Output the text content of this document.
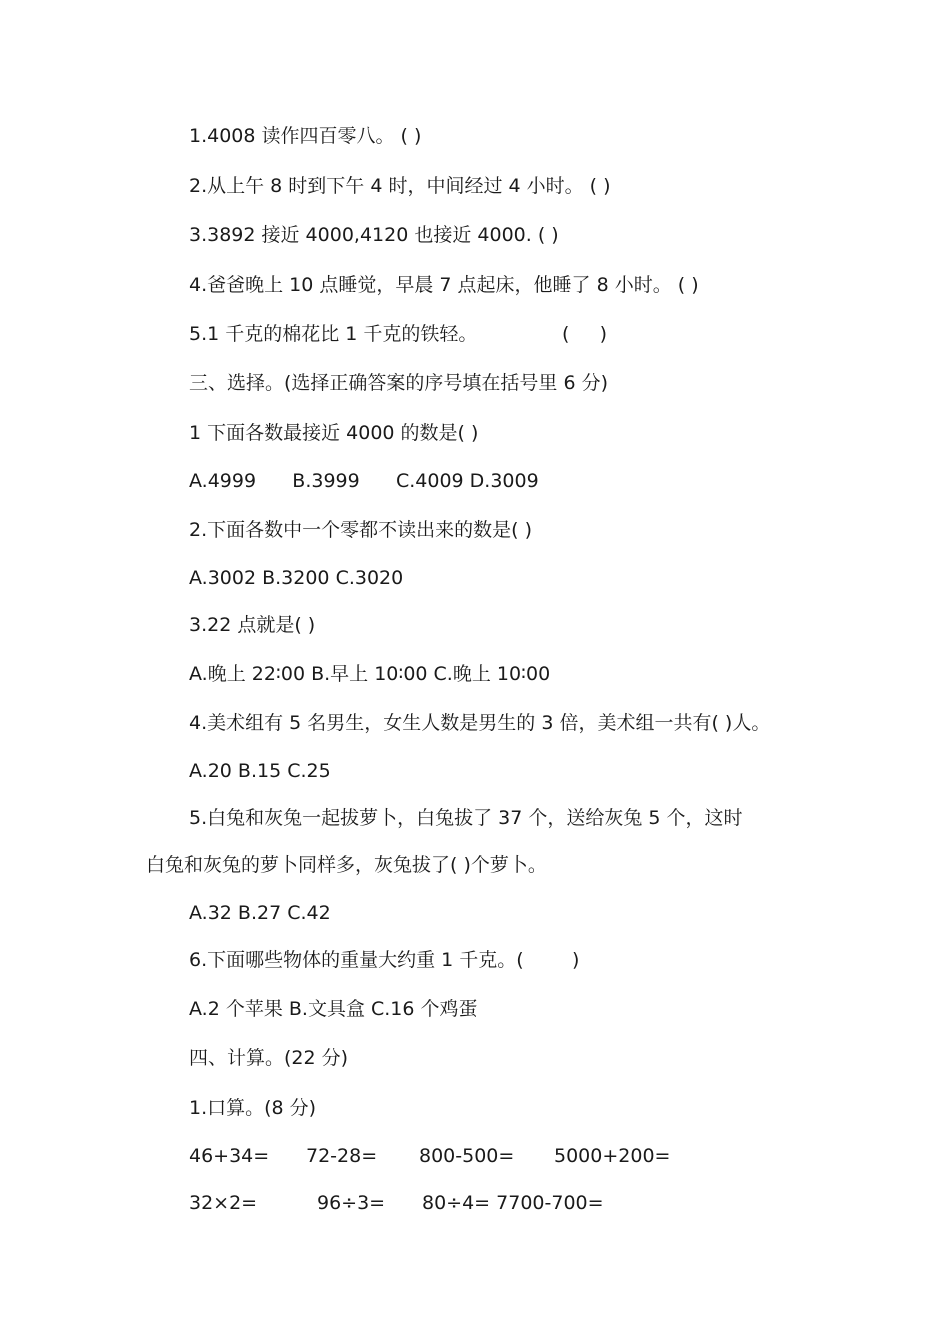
1.4008 读作四百零八。 ( )
2.从上午 8 时到下午 4 时，中间经过 4 小时。 ( )
3.3892 接近 4000,4120 也接近 4000. ( )
4.爸爸晚上 10 点睡觉，早晨 7 点起床，他睡了 8 小时。 ( )
5.1 千克的棉花比 1 千克的铁轻。              (     )
三、选择。(选择正确答案的序号填在括号里 6 分)
1 下面各数最接近 4000 的数是( )
A.4999      B.3999      C.4009 D.3009
2.下面各数中一个零都不读出来的数是( )
A.3002 B.3200 C.3020
3.22 点就是( )
A.晚上 22∶00 B.早上 10∶00 C.晚上 10∶00
4.美术组有 5 名男生，女生人数是男生的 3 倍，美术组一共有( )人。
A.20 B.15 C.25
5.白兔和灰兔一起拔萝卜，白兔拔了 37 个，送给灰兔 5 个，这时
白兔和灰兔的萝卜同样多，灰兔拔了( )个萝卜。
A.32 B.27 C.42
6.下面哪些物体的重量大约重 1 千克。(        )
A.2 个苹果 B.文具盒 C.16 个鸡蛋
四、计算。(22 分)
1.口算。(8 分)

46+34=

72-28=

800-500=

5000+200=

32×2=

	96÷3=

80÷4= 7700-700=
